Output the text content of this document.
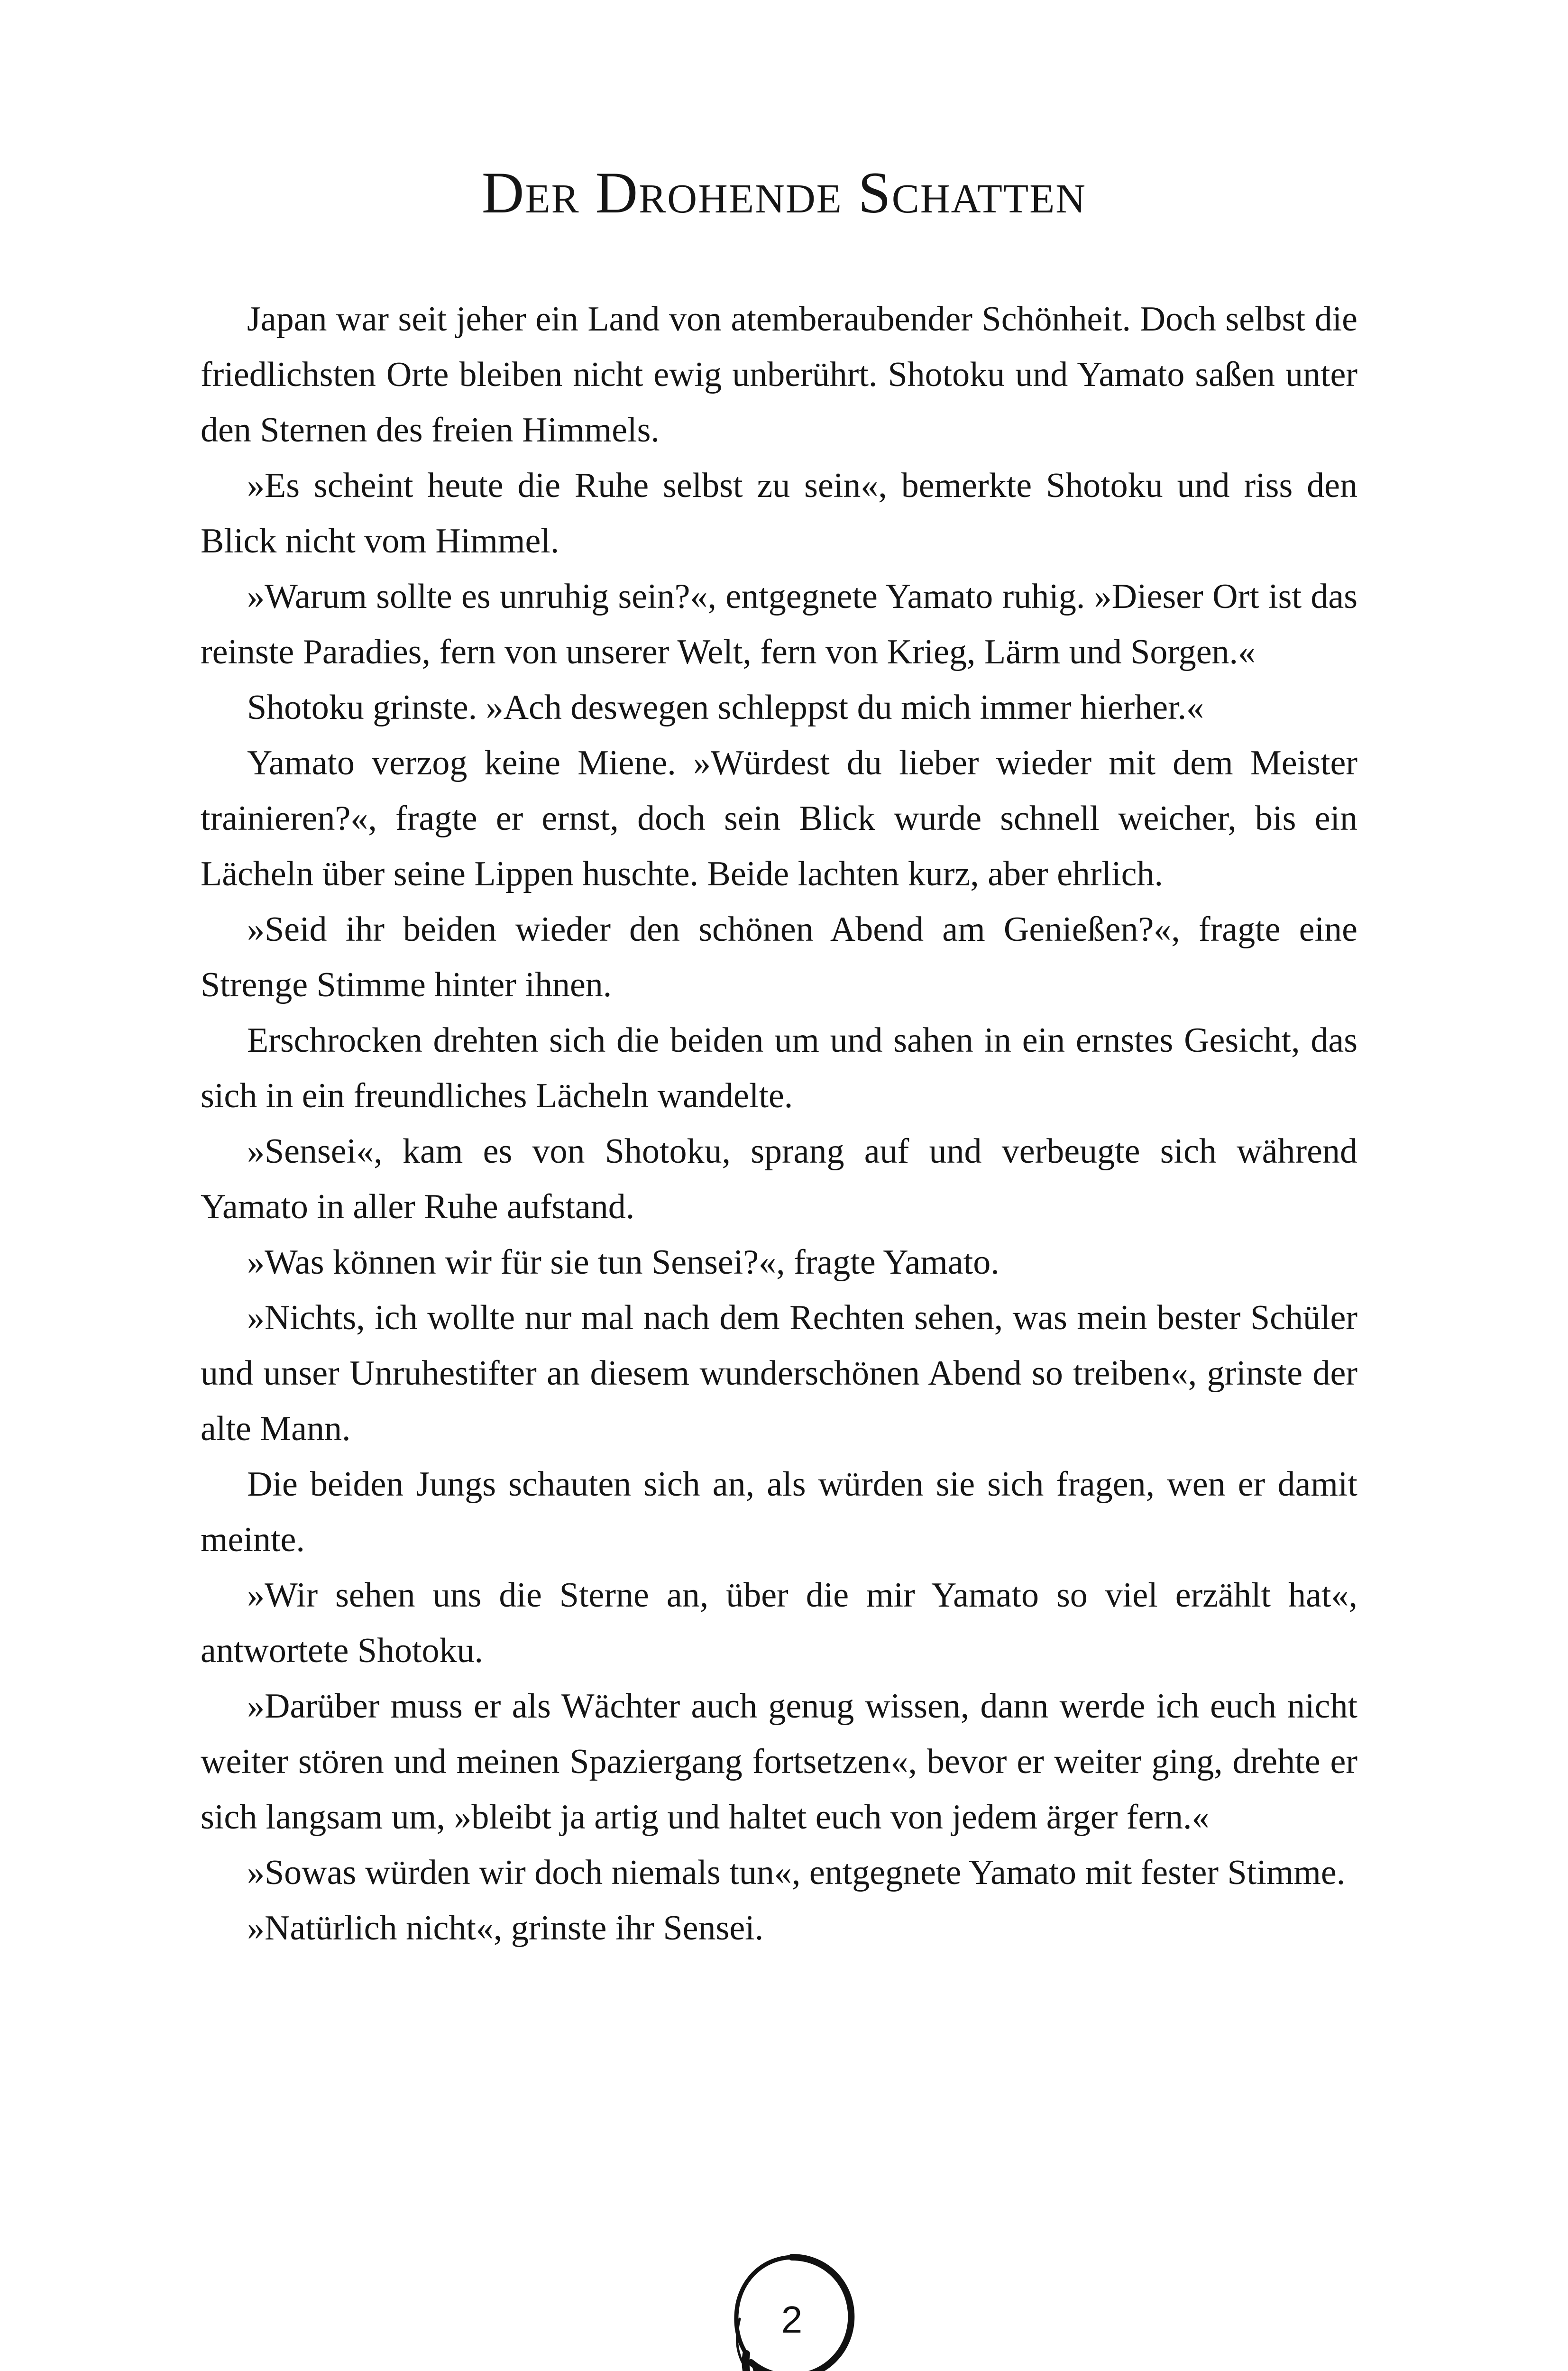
Der Drohende Schatten

Japan war seit jeher ein Land von atemberaubender Schönheit. Doch selbst die friedlichsten Orte bleiben nicht ewig unberührt. Shotoku und Yamato saßen unter den Sternen des freien Himmels.

»Es scheint heute die Ruhe selbst zu sein«, bemerkte Shotoku und riss den Blick nicht vom Himmel.

»Warum sollte es unruhig sein?«, entgegnete Yamato ruhig. »Dieser Ort ist das reinste Paradies, fern von unserer Welt, fern von Krieg, Lärm und Sorgen.«

Shotoku grinste. »Ach deswegen schleppst du mich immer hierher.«

Yamato verzog keine Miene. »Würdest du lieber wieder mit dem Meister trainieren?«, fragte er ernst, doch sein Blick wurde schnell weicher, bis ein Lächeln über seine Lippen huschte. Beide lachten kurz, aber ehrlich.

»Seid ihr beiden wieder den schönen Abend am Genießen?«, fragte eine Strenge Stimme hinter ihnen.

Erschrocken drehten sich die beiden um und sahen in ein ernstes Gesicht, das sich in ein freundliches Lächeln wandelte.

»Sensei«, kam es von Shotoku, sprang auf und verbeugte sich während Yamato in aller Ruhe aufstand.

»Was können wir für sie tun Sensei?«, fragte Yamato.

»Nichts, ich wollte nur mal nach dem Rechten sehen, was mein bester Schüler und unser Unruhestifter an diesem wunderschönen Abend so treiben«, grinste der alte Mann.

Die beiden Jungs schauten sich an, als würden sie sich fragen, wen er damit meinte.

»Wir sehen uns die Sterne an, über die mir Yamato so viel erzählt hat«, antwortete Shotoku.

»Darüber muss er als Wächter auch genug wissen, dann werde ich euch nicht weiter stören und meinen Spaziergang fortsetzen«, bevor er weiter ging, drehte er sich langsam um, »bleibt ja artig und haltet euch von jedem ärger fern.«

»Sowas würden wir doch niemals tun«, entgegnete Yamato mit fester Stimme.

»Natürlich nicht«, grinste ihr Sensei.

2
